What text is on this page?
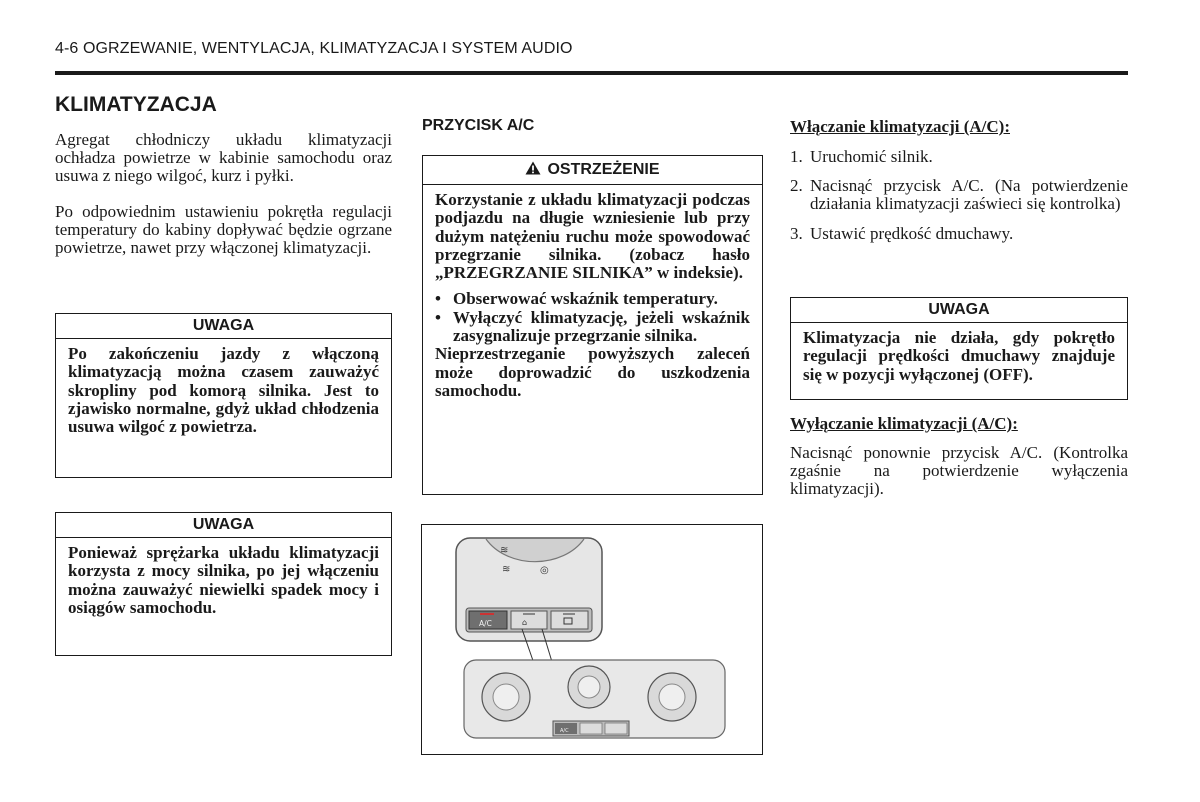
4-6 OGRZEWANIE, WENTYLACJA, KLIMATYZACJA I SYSTEM AUDIO
KLIMATYZACJA

Agregat chłodniczy układu klimatyzacji ochładza powietrze w kabinie samochodu oraz usuwa z niego wilgoć, kurz i pyłki.

Po odpowiednim ustawieniu pokrętła regulacji temperatury do kabiny dopływać będzie ogrzane powietrze, nawet przy włączonej klimatyzacji.

UWAGA
Po zakończeniu jazdy z włączoną klimatyzacją można czasem zauważyć skropliny pod komorą silnika. Jest to zjawisko normalne, gdyż układ chłodzenia usuwa wilgoć z powietrza.
UWAGA
Ponieważ sprężarka układu klimatyzacji korzysta z mocy silnika, po jej włączeniu można zauważyć niewielki spadek mocy i osiągów samochodu.
PRZYCISK A/C
OSTRZEŻENIE
Korzystanie z układu klimatyzacji podczas podjazdu na długie wzniesienie lub przy dużym natężeniu ruchu może spowodować przegrzanie silnika. (zobacz hasło „PRZEGRZANIE SILNIKA” w indeksie).
• Obserwować wskaźnik temperatury.
• Wyłączyć klimatyzację, jeżeli wskaźnik zasygnalizuje przegrzanie silnika.
Nieprzestrzeganie powyższych zaleceń może doprowadzić do uszkodzenia samochodu.
≋
≋	◎
A/C	⌂
A/C
Włączanie klimatyzacji (A/C):
1. Uruchomić silnik.
2. Nacisnąć przycisk A/C. (Na potwierdzenie działania klimatyzacji zaświeci się kontrolka)
3. Ustawić prędkość dmuchawy.
UWAGA
Klimatyzacja nie działa, gdy pokrętło regulacji prędkości dmuchawy znajduje się w pozycji wyłączonej (OFF).
Wyłączanie klimatyzacji (A/C):

Nacisnąć ponownie przycisk A/C. (Kontrolka zgaśnie na potwierdzenie wyłączenia klimatyzacji).
